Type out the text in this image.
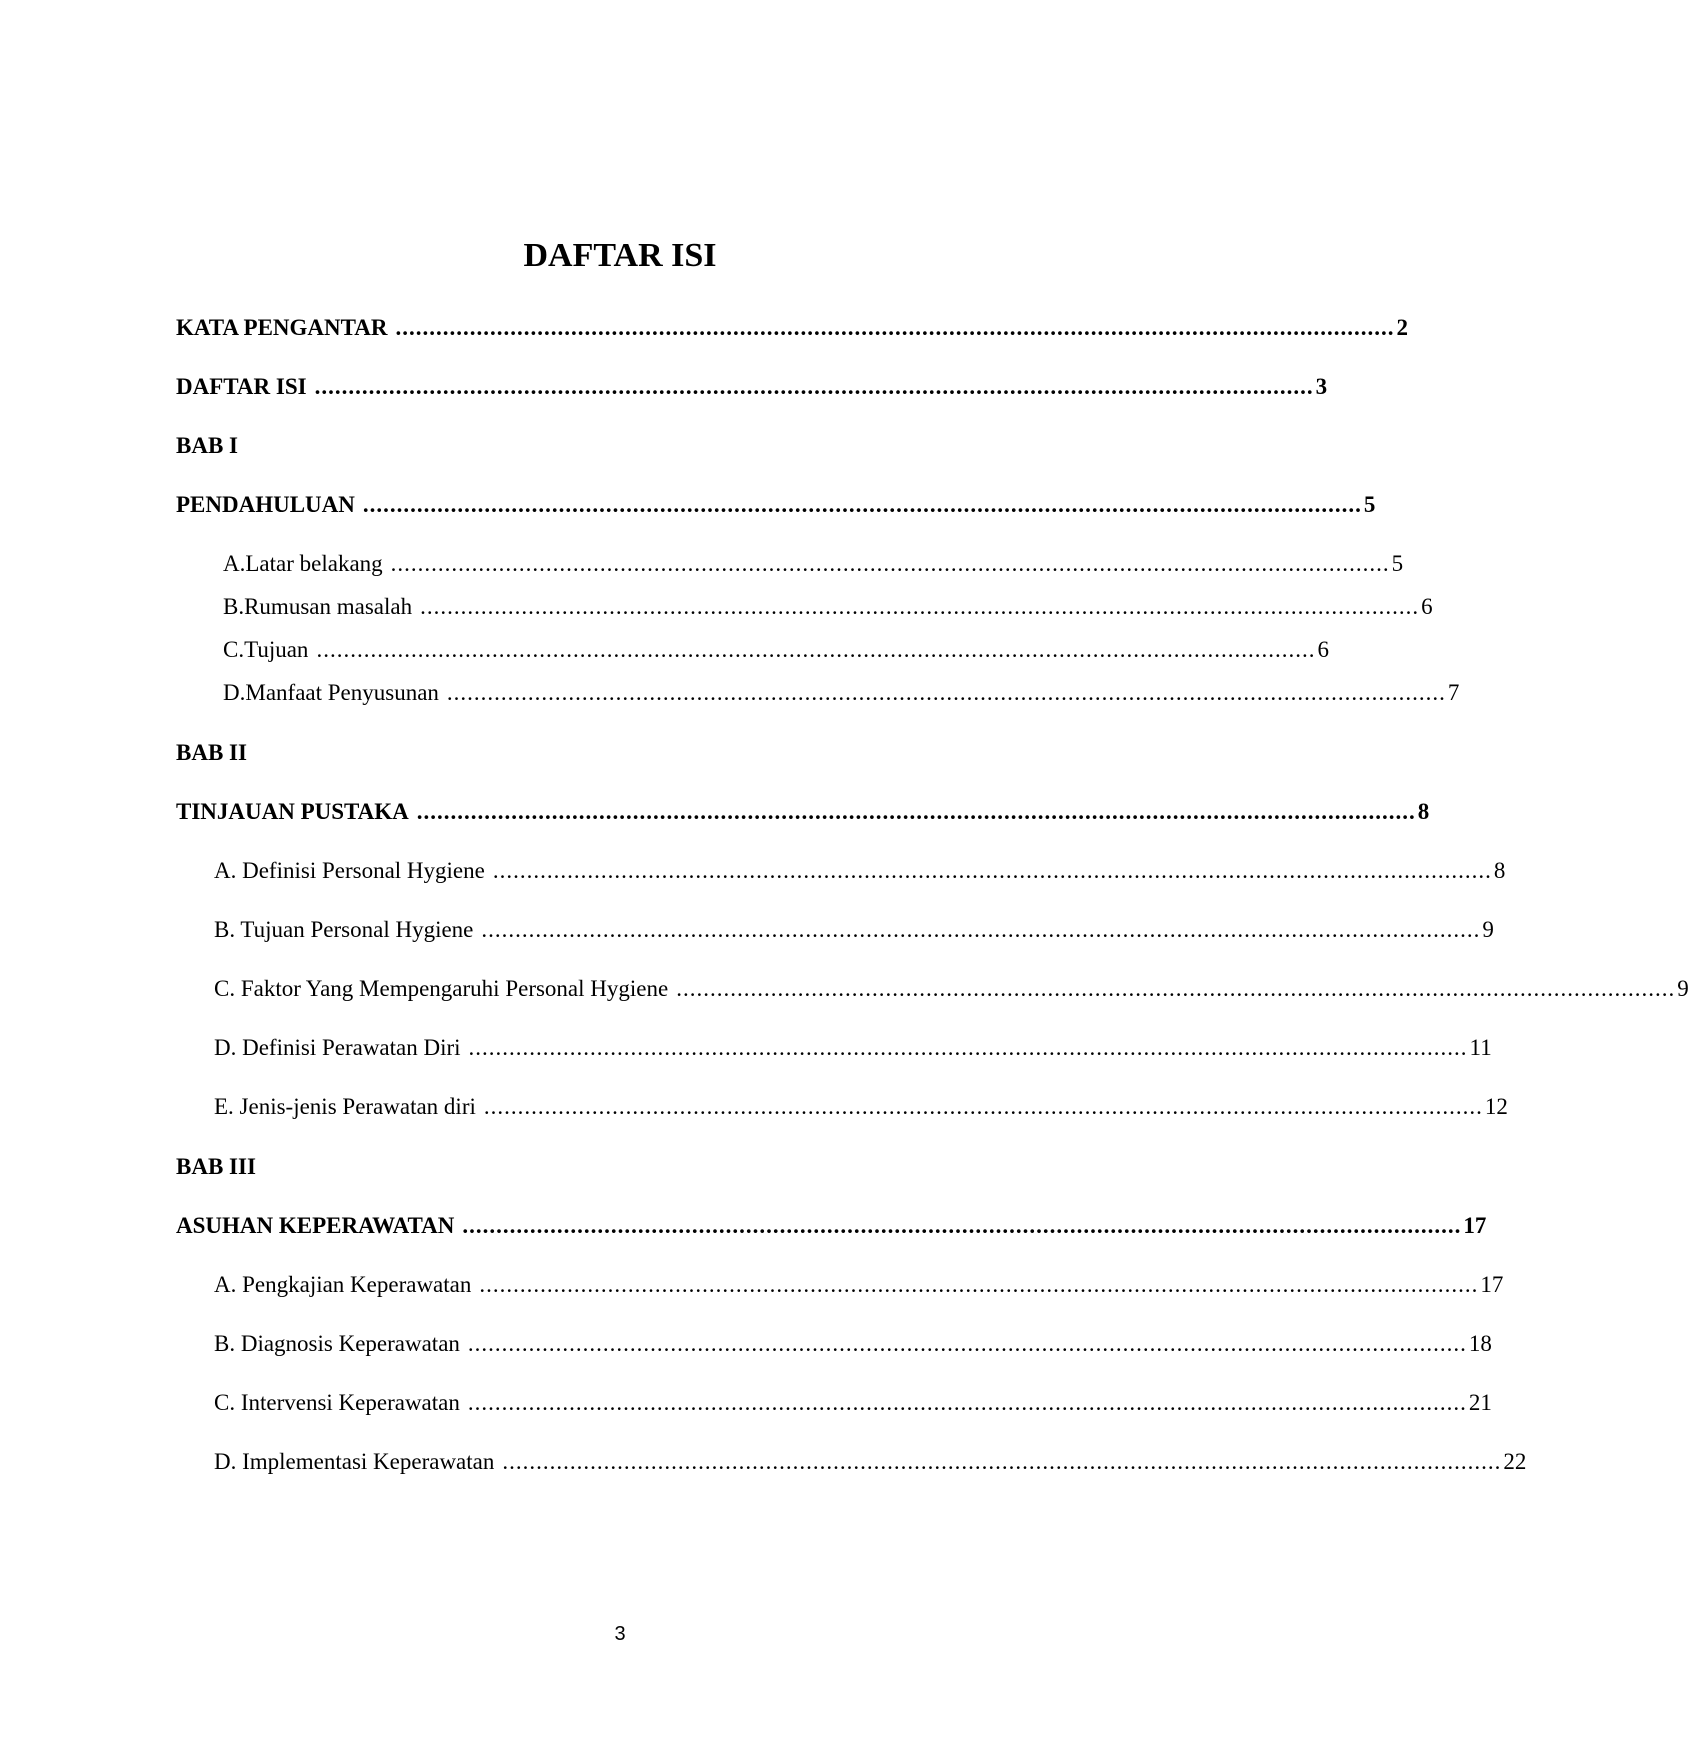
DAFTAR ISI
KATA PENGANTAR .................................................................................................................................................... 2
DAFTAR ISI .................................................................................................................................................... 3
BAB I
PENDAHULUAN .................................................................................................................................................... 5
A. Latar belakang .................................................................................................................................................... 5
B. Rumusan masalah .................................................................................................................................................... 6
C. Tujuan .................................................................................................................................................... 6
D. Manfaat Penyusunan .................................................................................................................................................... 7
BAB II
TINJAUAN PUSTAKA .................................................................................................................................................... 8
A. Definisi Personal Hygiene .................................................................................................................................................... 8
B. Tujuan Personal Hygiene .................................................................................................................................................... 9
C. Faktor Yang Mempengaruhi Personal Hygiene .................................................................................................................................................... 9
D. Definisi Perawatan Diri .................................................................................................................................................... 11
E. Jenis-jenis Perawatan diri .................................................................................................................................................... 12
BAB III
ASUHAN KEPERAWATAN .................................................................................................................................................... 17
A. Pengkajian Keperawatan .................................................................................................................................................... 17
B. Diagnosis Keperawatan .................................................................................................................................................... 18
C. Intervensi Keperawatan .................................................................................................................................................... 21
D. Implementasi Keperawatan .................................................................................................................................................... 22
3
